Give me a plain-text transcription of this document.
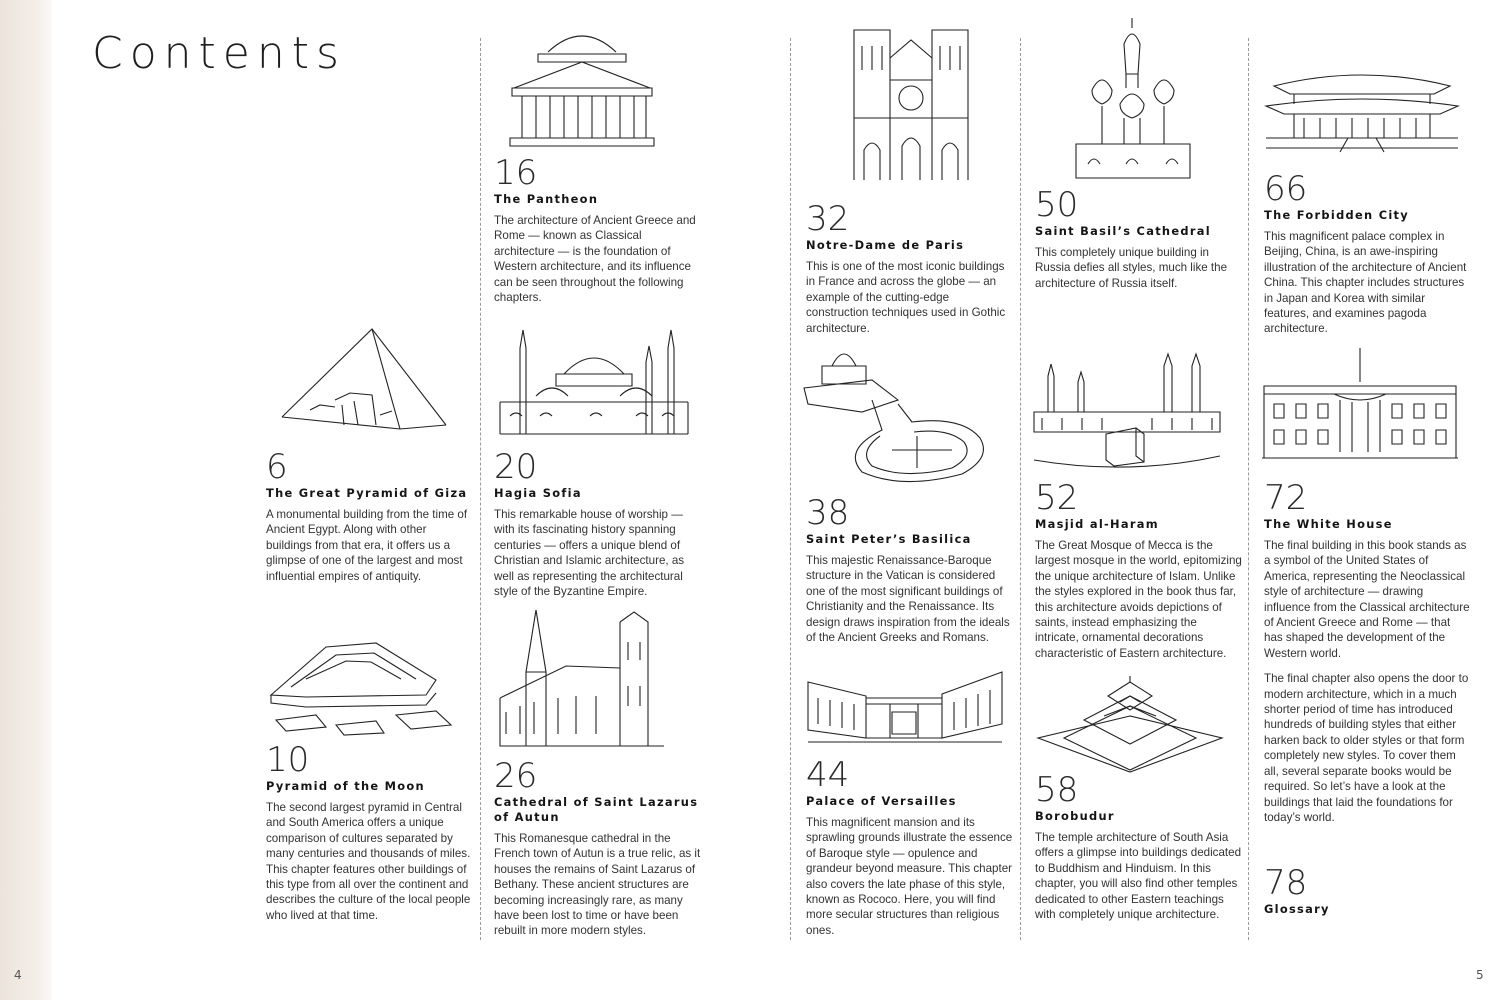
Contents
4	5
6
The Great Pyramid of Giza

A monumental building from the time of Ancient Egypt. Along with other buildings from that era, it offers us a glimpse of one of the largest and most influential empires of antiquity.

10
Pyramid of the Moon

The second largest pyramid in Central and South America offers a unique comparison of cultures separated by many centuries and thousands of miles. This chapter features other buildings of this type from all over the continent and describes the culture of the local people who lived at that time.

16
The Pantheon

The architecture of Ancient Greece and Rome — known as Classical architecture — is the foundation of Western architecture, and its influence can be seen throughout the following chapters.

20
Hagia Sofia

This remarkable house of worship — with its fascinating history spanning centuries — offers a unique blend of Christian and Islamic architecture, as well as representing the architectural style of the Byzantine Empire.

26
Cathedral of Saint Lazarus of Autun

This Romanesque cathedral in the French town of Autun is a true relic, as it houses the remains of Saint Lazarus of Bethany. These ancient structures are becoming increasingly rare, as many have been lost to time or have been rebuilt in more modern styles.

32
Notre-Dame de Paris

This is one of the most iconic buildings in France and across the globe — an example of the cutting-edge construction techniques used in Gothic architecture.

38
Saint Peter’s Basilica

This majestic Renaissance-Baroque structure in the Vatican is considered one of the most significant buildings of Christianity and the Renaissance. Its design draws inspiration from the ideals of the Ancient Greeks and Romans.

44
Palace of Versailles

This magnificent mansion and its sprawling grounds illustrate the essence of Baroque style — opulence and grandeur beyond measure. This chapter also covers the late phase of this style, known as Rococo. Here, you will find more secular structures than religious ones.

50
Saint Basil’s Cathedral

This completely unique building in Russia defies all styles, much like the architecture of Russia itself.

52
Masjid al-Haram

The Great Mosque of Mecca is the largest mosque in the world, epitomizing the unique architecture of Islam. Unlike the styles explored in the book thus far, this architecture avoids depictions of saints, instead emphasizing the intricate, ornamental decorations characteristic of Eastern architecture.

58
Borobudur

The temple architecture of South Asia offers a glimpse into buildings dedicated to Buddhism and Hinduism. In this chapter, you will also find other temples dedicated to other Eastern teachings with completely unique architecture.

66
The Forbidden City

This magnificent palace complex in Beijing, China, is an awe-inspiring illustration of the architecture of Ancient China. This chapter includes structures in Japan and Korea with similar features, and examines pagoda architecture.

72
The White House

The final building in this book stands as a symbol of the United States of America, representing the Neoclassical style of architecture — drawing influence from the Classical architecture of Ancient Greece and Rome — that has shaped the development of the Western world.

The final chapter also opens the door to modern architecture, which in a much shorter period of time has introduced hundreds of building styles that either harken back to older styles or that form completely new styles. To cover them all, several separate books would be required. So let’s have a look at the buildings that laid the foundations for today’s world.

78
Glossary
